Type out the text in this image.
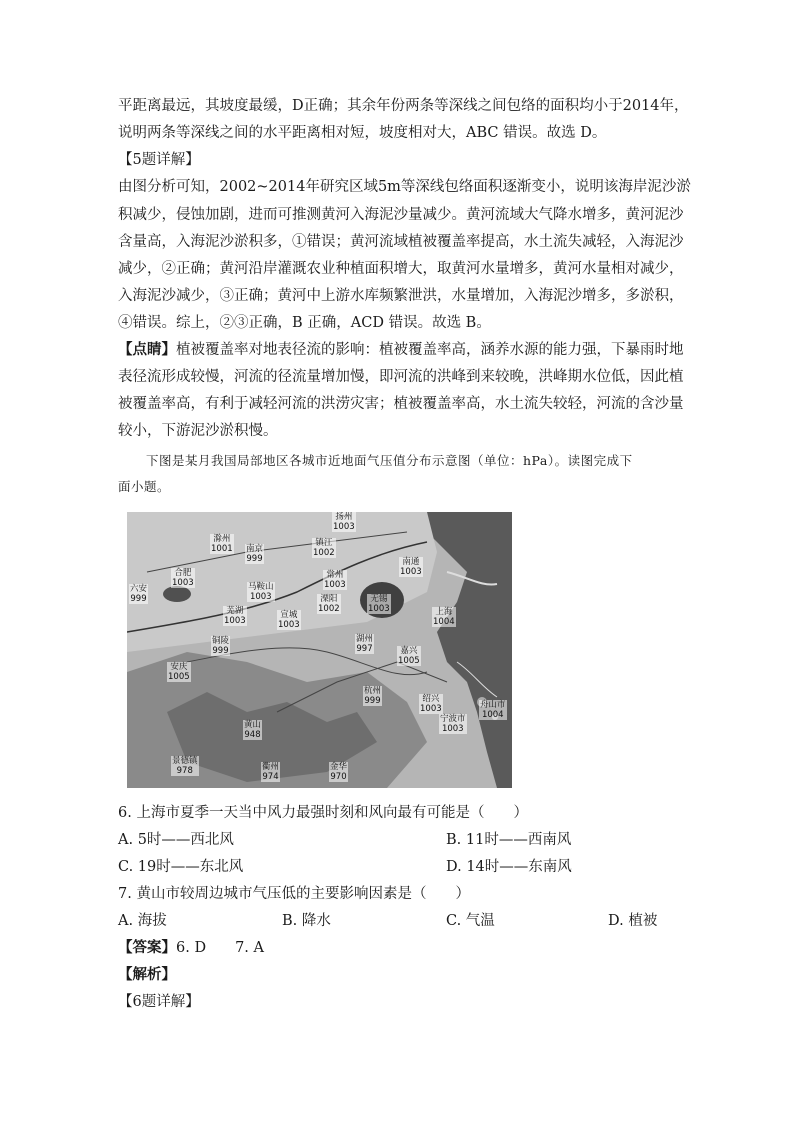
平距离最远，其坡度最缓，D正确；其余年份两条等深线之间包络的面积均小于2014年，
说明两条等深线之间的水平距离相对短，坡度相对大，ABC 错误。故选 D。
【5题详解】
由图分析可知，2002~2014年研究区域5m等深线包络面积逐渐变小，说明该海岸泥沙淤
积减少，侵蚀加剧，进而可推测黄河入海泥沙量减少。黄河流域大气降水增多，黄河泥沙
含量高，入海泥沙淤积多，①错误；黄河流域植被覆盖率提高，水土流失减轻，入海泥沙
减少，②正确；黄河沿岸灌溉农业种植面积增大，取黄河水量增多，黄河水量相对减少，
入海泥沙减少，③正确；黄河中上游水库频繁泄洪，水量增加，入海泥沙增多，多淤积，
④错误。综上，②③正确，B 正确，ACD 错误。故选 B。
【点睛】植被覆盖率对地表径流的影响：植被覆盖率高，涵养水源的能力强，下暴雨时地
表径流形成较慢，河流的径流量增加慢，即河流的洪峰到来较晚，洪峰期水位低，因此植
被覆盖率高，有利于减轻河流的洪涝灾害；植被覆盖率高，水土流失较轻，河流的含沙量
较小，下游泥沙淤积慢。
下图是某月我国局部地区各城市近地面气压值分布示意图（单位：hPa）。读图完成下
面小题。
扬州
1003
滁州
1001 南京
999
镇江
1002
南通
1003
合肥
1003
常州
1003
六安
999
马鞍山
1003	溧阳
1002
无锡
1003	上海
1004
芜湖
1003
宣城
1003
铜陵
999
湖州
997	嘉兴
1005
安庆
1005
杭州
999	绍兴
1003	舟山市
1004
宁波市
1003
黄山
948
景德镇
978	衢州
974
金华
970
6. 上海市夏季一天当中风力最强时刻和风向最有可能是（　　）
A. 5时——西北风	B. 11时——西南风
C. 19时——东北风	D. 14时——东南风
7. 黄山市较周边城市气压低的主要影响因素是（　　）
A. 海拔	B. 降水	C. 气温	D. 植被
【答案】6. D　　7. A
【解析】
【6题详解】
